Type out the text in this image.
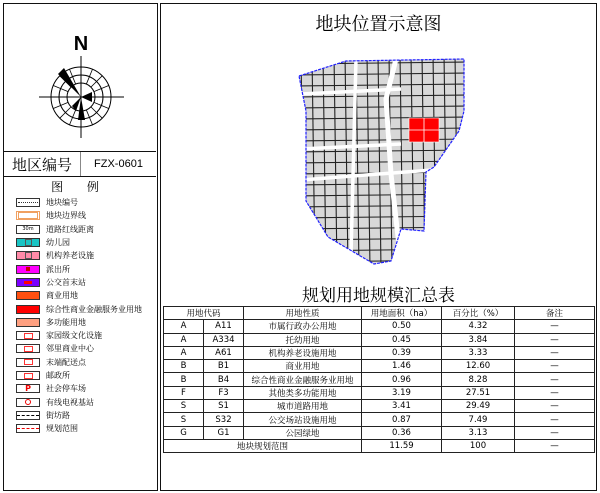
N
地区编号	FZX-0601
图 例
地块编号
地块边界线
30m 道路红线距离
幼儿园
机构养老设施
派出所
公交首末站
商业用地
综合性商业金融服务业用地
多功能用地
家园级文化设施
邻里商业中心
末端配送点
邮政所
P 社会停车场
有线电视基站
街坊路
规划范围
地块位置示意图
规划用地规模汇总表
用地代码		用地性质	用地面积（ha）	百分比（%）	备注
A	A11	市属行政办公用地	0.50	4.32	—
A	A334	托幼用地	0.45	3.84	—
A	A61	机构养老设施用地	0.39	3.33	—
B	B1	商业用地	1.46	12.60	—
B	B4	综合性商业金融服务业用地	0.96	8.28	—
F	F3	其他类多功能用地	3.19	27.51	—
S	S1	城市道路用地	3.41	29.49	—
S	S32	公交场站设施用地	0.87	7.49	—
G	G1	公园绿地	0.36	3.13	—
地块规划范围			11.59	100	—
